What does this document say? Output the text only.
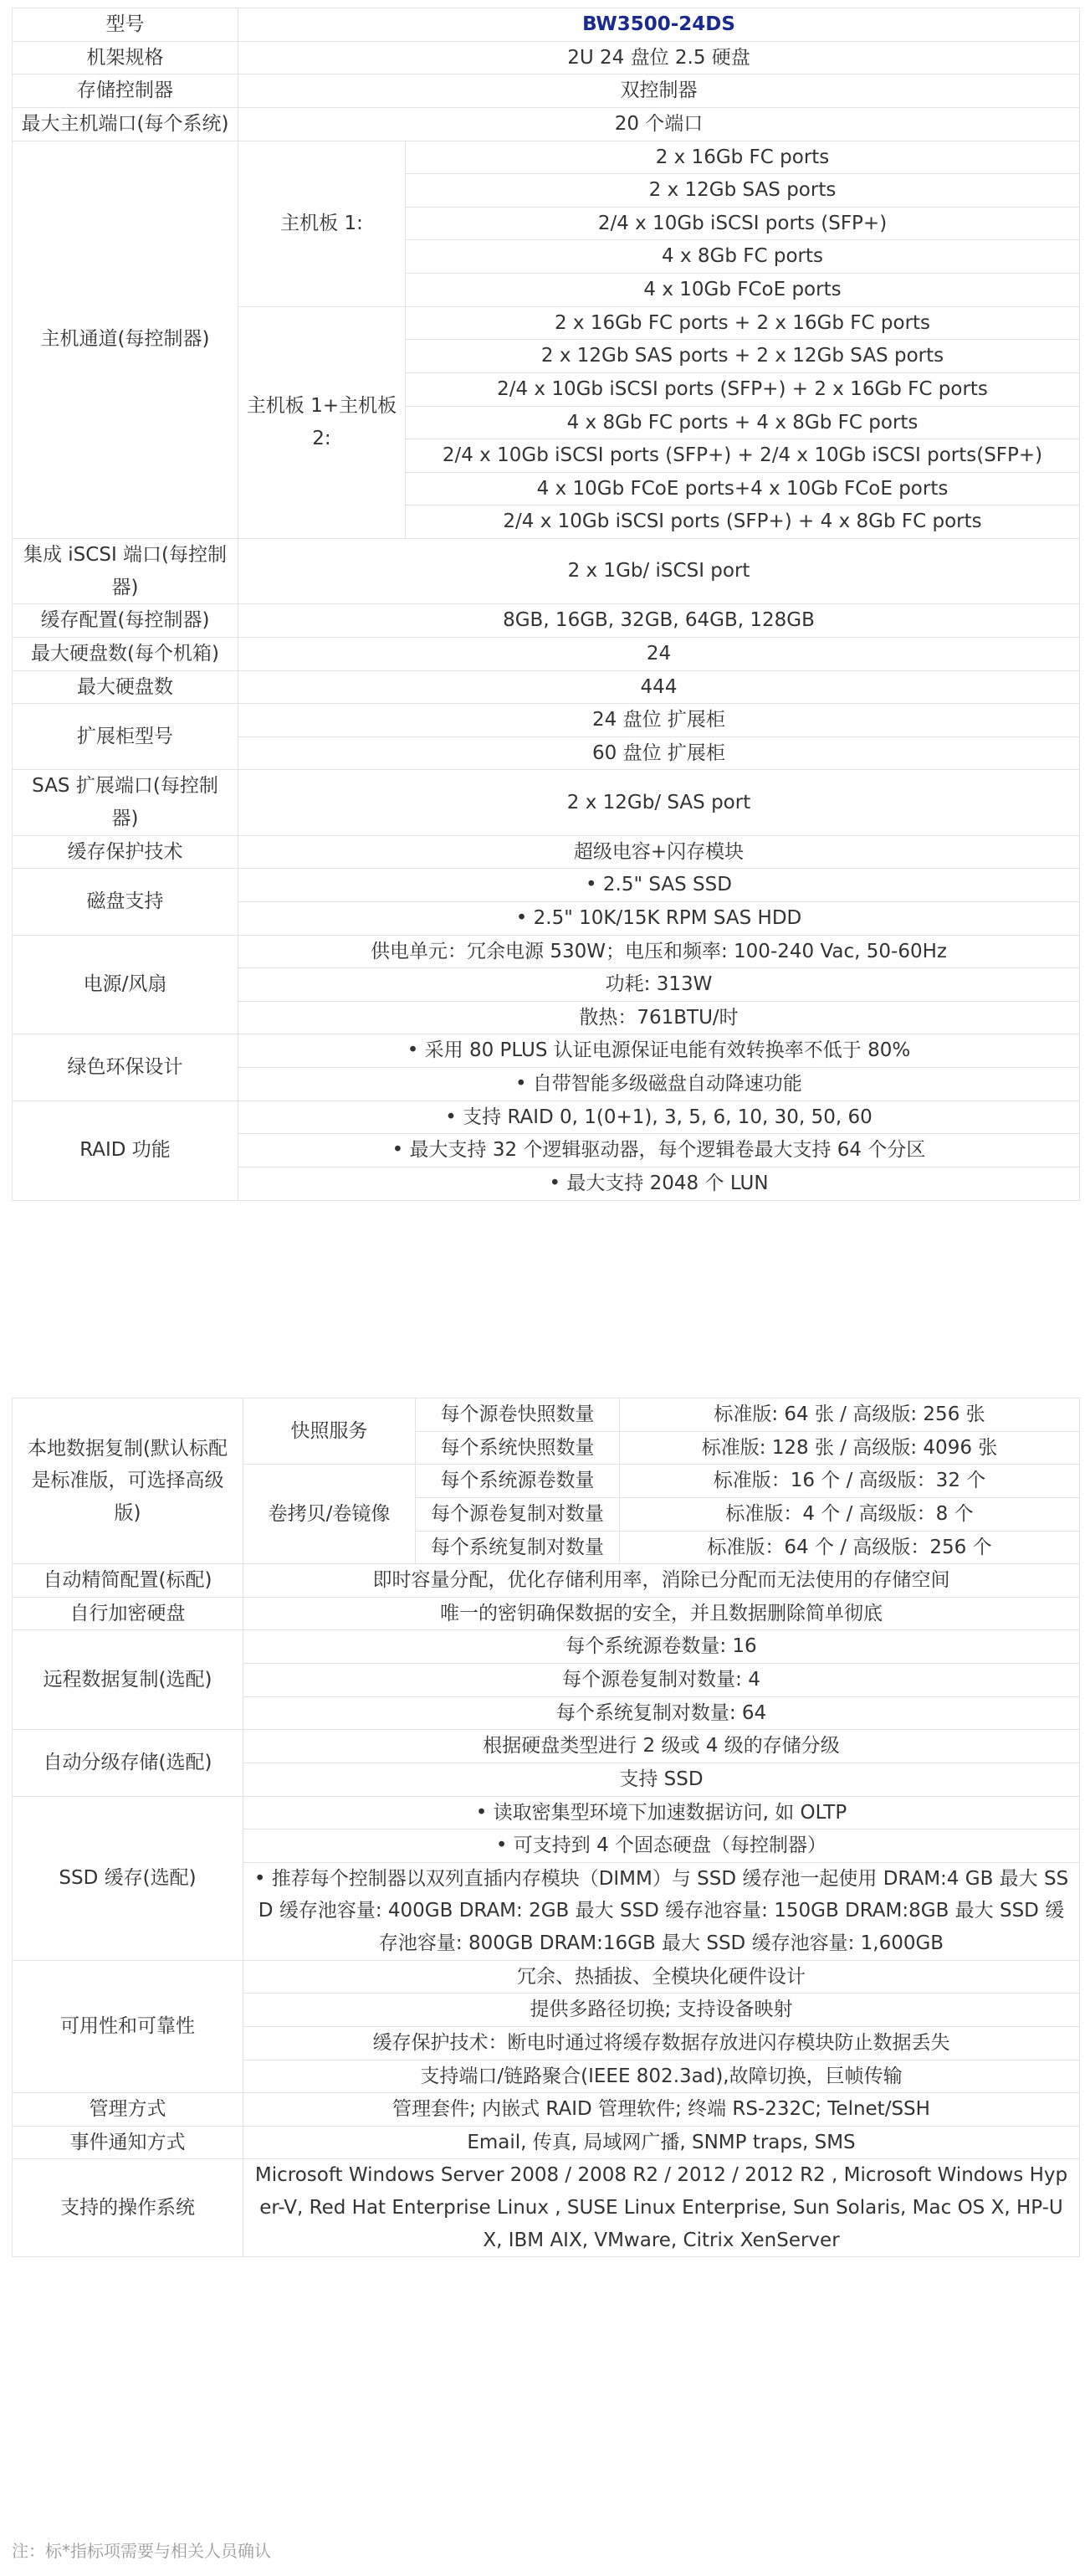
型号	BW3500-24DS	
机架规格	2U 24 盘位 2.5 硬盘	
存储控制器	双控制器	
最大主机端口(每个系统)	20 个端口	
主机通道(每控制器)	主机板 1:	2 x 16Gb FC ports
		2 x 12Gb SAS ports
		2/4 x 10Gb iSCSI ports (SFP+)
		4 x 8Gb FC ports
		4 x 10Gb FCoE ports
	主机板 1+主机板 2:	2 x 16Gb FC ports + 2 x 16Gb FC ports
		2 x 12Gb SAS ports + 2 x 12Gb SAS ports
		2/4 x 10Gb iSCSI ports (SFP+) + 2 x 16Gb FC ports
		4 x 8Gb FC ports + 4 x 8Gb FC ports
		2/4 x 10Gb iSCSI ports (SFP+) + 2/4 x 10Gb iSCSI ports(SFP+)
		4 x 10Gb FCoE ports+4 x 10Gb FCoE ports
		2/4 x 10Gb iSCSI ports (SFP+) + 4 x 8Gb FC ports
集成 iSCSI 端口(每控制器)	2 x 1Gb/ iSCSI port	
缓存配置(每控制器)	8GB, 16GB, 32GB, 64GB, 128GB	
最大硬盘数(每个机箱)	24	
最大硬盘数	444	
扩展柜型号	24 盘位 扩展柜	
	60 盘位 扩展柜	
SAS 扩展端口(每控制器)	2 x 12Gb/ SAS port	
缓存保护技术	超级电容+闪存模块	
磁盘支持	• 2.5" SAS SSD	
	• 2.5" 10K/15K RPM SAS HDD	
电源/风扇	供电单元：冗余电源 530W；电压和频率: 100-240 Vac, 50-60Hz	
	功耗: 313W	
	散热：761BTU/时	
绿色环保设计	• 采用 80 PLUS 认证电源保证电能有效转换率不低于 80%	
	• 自带智能多级磁盘自动降速功能	
RAID 功能	• 支持 RAID 0, 1(0+1), 3, 5, 6, 10, 30, 50, 60	
	• 最大支持 32 个逻辑驱动器，每个逻辑卷最大支持 64 个分区	
	• 最大支持 2048 个 LUN	
本地数据复制(默认标配是标准版，可选择高级版)	快照服务	每个源卷快照数量	标准版: 64 张 / 高级版: 256 张
		每个系统快照数量	标准版: 128 张 / 高级版: 4096 张
	卷拷贝/卷镜像	每个系统源卷数量	标准版：16 个 / 高级版：32 个
		每个源卷复制对数量	标准版：4 个 / 高级版：8 个
		每个系统复制对数量	标准版：64 个 / 高级版：256 个
自动精简配置(标配)	即时容量分配，优化存储利用率，消除已分配而无法使用的存储空间		
自行加密硬盘	唯一的密钥确保数据的安全，并且数据删除简单彻底		
远程数据复制(选配)	每个系统源卷数量: 16		
	每个源卷复制对数量: 4		
	每个系统复制对数量: 64		
自动分级存储(选配)	根据硬盘类型进行 2 级或 4 级的存储分级		
	支持 SSD		
SSD 缓存(选配)	• 读取密集型环境下加速数据访问, 如 OLTP		
	• 可支持到 4 个固态硬盘（每控制器）		
	• 推荐每个控制器以双列直插内存模块（DIMM）与 SSD 缓存池一起使用 DRAM:4 GB 最大 SSD 缓存池容量: 400GB DRAM: 2GB 最大 SSD 缓存池容量: 150GB DRAM:8GB 最大 SSD 缓存池容量: 800GB DRAM:16GB 最大 SSD 缓存池容量: 1,600GB		
可用性和可靠性	冗余、热插拔、全模块化硬件设计		
	提供多路径切换; 支持设备映射		
	缓存保护技术：断电时通过将缓存数据存放进闪存模块防止数据丢失		
	支持端口/链路聚合(IEEE 802.3ad),故障切换，巨帧传输		
管理方式	管理套件; 内嵌式 RAID 管理软件; 终端 RS-232C; Telnet/SSH		
事件通知方式	Email, 传真, 局域网广播, SNMP traps, SMS		
支持的操作系统	Microsoft Windows Server 2008 / 2008 R2 / 2012 / 2012 R2 , Microsoft Windows Hyper-V, Red Hat Enterprise Linux , SUSE Linux Enterprise, Sun Solaris, Mac OS X, HP-UX, IBM AIX, VMware, Citrix XenServer		
注：标*指标项需要与相关人员确认
